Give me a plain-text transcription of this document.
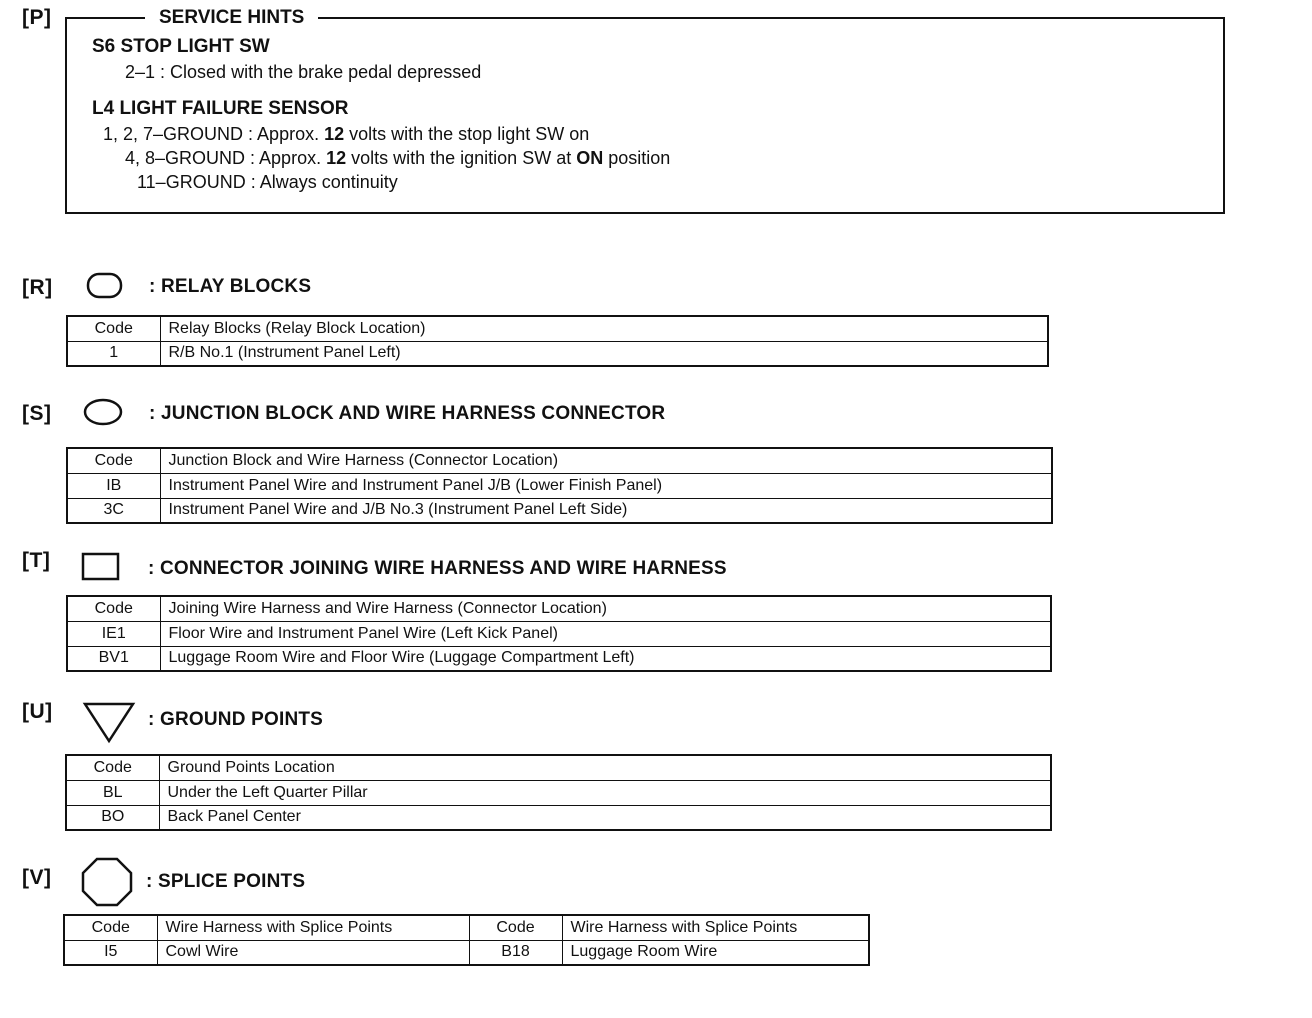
[P]	SERVICE HINTS
S6 STOP LIGHT SW
2–1 : Closed with the brake pedal depressed
L4 LIGHT FAILURE SENSOR
1, 2, 7–GROUND : Approx. 12 volts with the stop light SW on
4, 8–GROUND : Approx. 12 volts with the ignition SW at ON position
11–GROUND : Always continuity
[R]	: RELAY BLOCKS
Code	Relay Blocks (Relay Block Location)
1	R/B No.1 (Instrument Panel Left)
[S]	: JUNCTION BLOCK AND WIRE HARNESS CONNECTOR
Code	Junction Block and Wire Harness (Connector Location)
IB	Instrument Panel Wire and Instrument Panel J/B (Lower Finish Panel)
3C	Instrument Panel Wire and J/B No.3 (Instrument Panel Left Side)
[T]	: CONNECTOR JOINING WIRE HARNESS AND WIRE HARNESS
Code	Joining Wire Harness and Wire Harness (Connector Location)
IE1	Floor Wire and Instrument Panel Wire (Left Kick Panel)
BV1	Luggage Room Wire and Floor Wire (Luggage Compartment Left)
[U]	: GROUND POINTS
Code	Ground Points Location
BL	Under the Left Quarter Pillar
BO	Back Panel Center
[V]	: SPLICE POINTS
Code	Wire Harness with Splice Points	Code	Wire Harness with Splice Points
I5	Cowl Wire	B18	Luggage Room Wire
